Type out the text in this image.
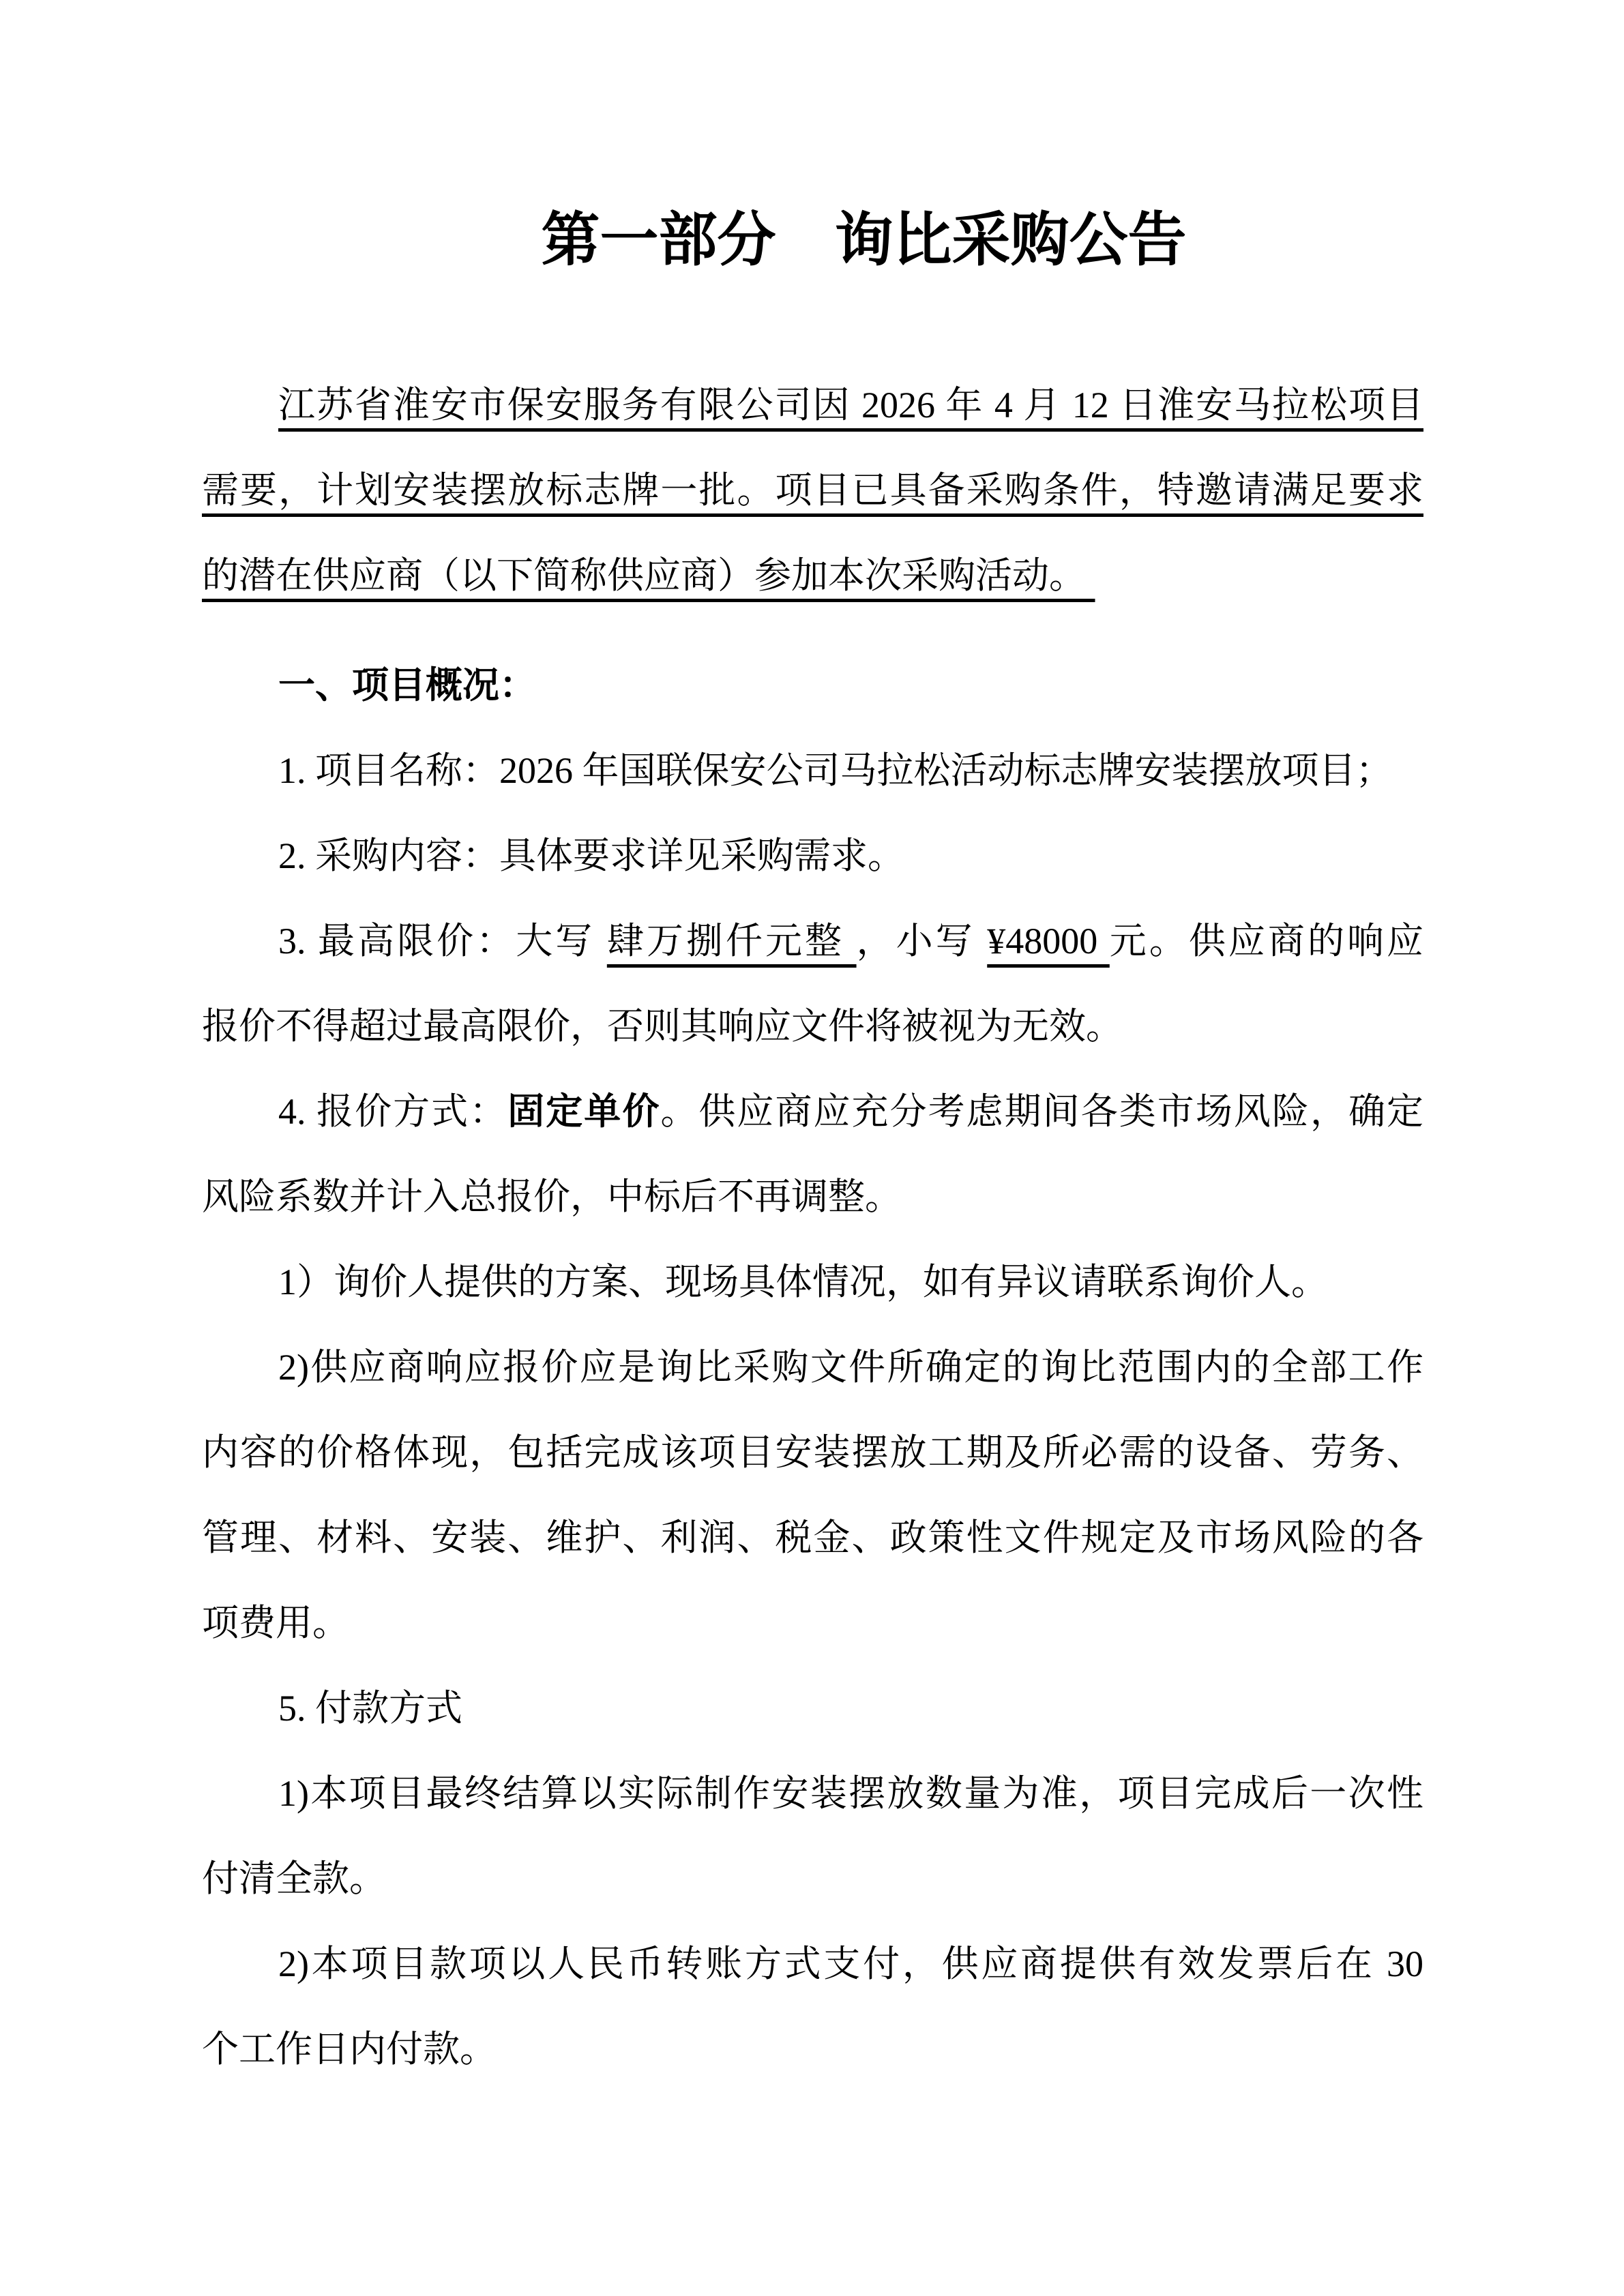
第一部分　询比采购公告
江苏省淮安市保安服务有限公司因 2026 年 4 月 12 日淮安马拉松项目
需要，计划安装摆放标志牌一批。项目已具备采购条件，特邀请满足要求
的潜在供应商（以下简称供应商）参加本次采购活动。
一、项目概况：
1. 项目名称：2026 年国联保安公司马拉松活动标志牌安装摆放项目；
2. 采购内容：具体要求详见采购需求。
3. 最高限价：大写 肆万捌仟元整 ，小写 ¥48000 元。供应商的响应
报价不得超过最高限价，否则其响应文件将被视为无效。
4. 报价方式：固定单价。供应商应充分考虑期间各类市场风险，确定
风险系数并计入总报价，中标后不再调整。
1）询价人提供的方案、现场具体情况，如有异议请联系询价人。
2)供应商响应报价应是询比采购文件所确定的询比范围内的全部工作
内容的价格体现，包括完成该项目安装摆放工期及所必需的设备、劳务、
管理、材料、安装、维护、利润、税金、政策性文件规定及市场风险的各
项费用。
5. 付款方式
1)本项目最终结算以实际制作安装摆放数量为准，项目完成后一次性
付清全款。
2)本项目款项以人民币转账方式支付，供应商提供有效发票后在 30
个工作日内付款。
